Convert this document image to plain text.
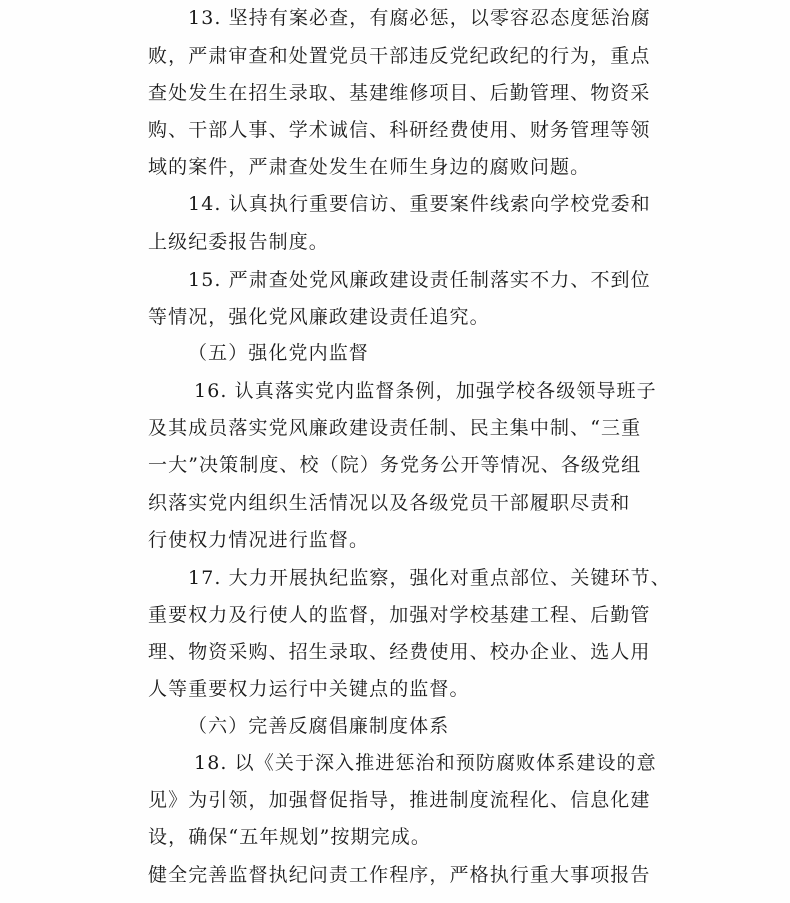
13. 坚持有案必查，有腐必惩，以零容忍态度惩治腐
败，严肃审查和处置党员干部违反党纪政纪的行为，重点
查处发生在招生录取、基建维修项目、后勤管理、物资采
购、干部人事、学术诚信、科研经费使用、财务管理等领
域的案件，严肃查处发生在师生身边的腐败问题。
14. 认真执行重要信访、重要案件线索向学校党委和
上级纪委报告制度。
15. 严肃查处党风廉政建设责任制落实不力、不到位
等情况，强化党风廉政建设责任追究。
（五）强化党内监督
16. 认真落实党内监督条例，加强学校各级领导班子
及其成员落实党风廉政建设责任制、民主集中制、“三重
一大”决策制度、校（院）务党务公开等情况、各级党组
织落实党内组织生活情况以及各级党员干部履职尽责和
行使权力情况进行监督。
17. 大力开展执纪监察，强化对重点部位、关键环节、
重要权力及行使人的监督，加强对学校基建工程、后勤管
理、物资采购、招生录取、经费使用、校办企业、选人用
人等重要权力运行中关键点的监督。
（六）完善反腐倡廉制度体系
18. 以《关于深入推进惩治和预防腐败体系建设的意
见》为引领，加强督促指导，推进制度流程化、信息化建
设，确保“五年规划”按期完成。
健全完善监督执纪问责工作程序，严格执行重大事项报告
